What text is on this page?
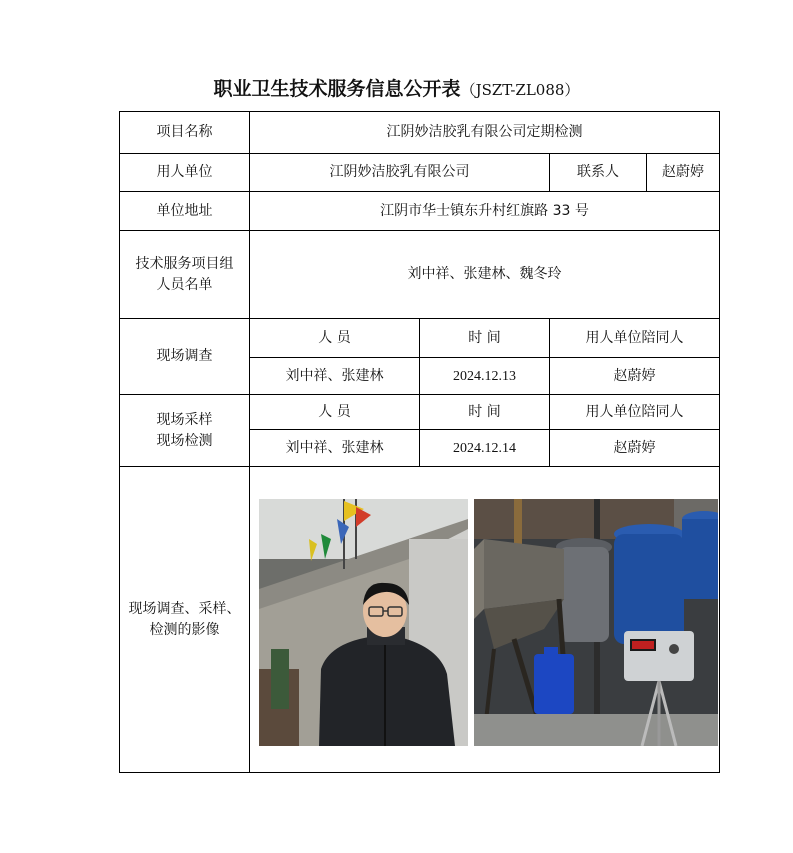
职业卫生技术服务信息公开表（JSZT-ZL088）
项目名称	江阴妙洁胶乳有限公司定期检测			
用人单位	江阴妙洁胶乳有限公司		联系人	赵蔚婷
单位地址	江阴市华士镇东升村红旗路 33 号			

技术服务项目组
人员名单	刘中祥、张建林、魏冬玲			
现场调查	人 员	时 间	用人单位陪同人	
	刘中祥、张建林	2024.12.13	赵蔚婷	

现场采样
现场检测	人 员	时 间	用人单位陪同人	
	刘中祥、张建林	2024.12.14	赵蔚婷	

现场调查、采样、
检测的影像
